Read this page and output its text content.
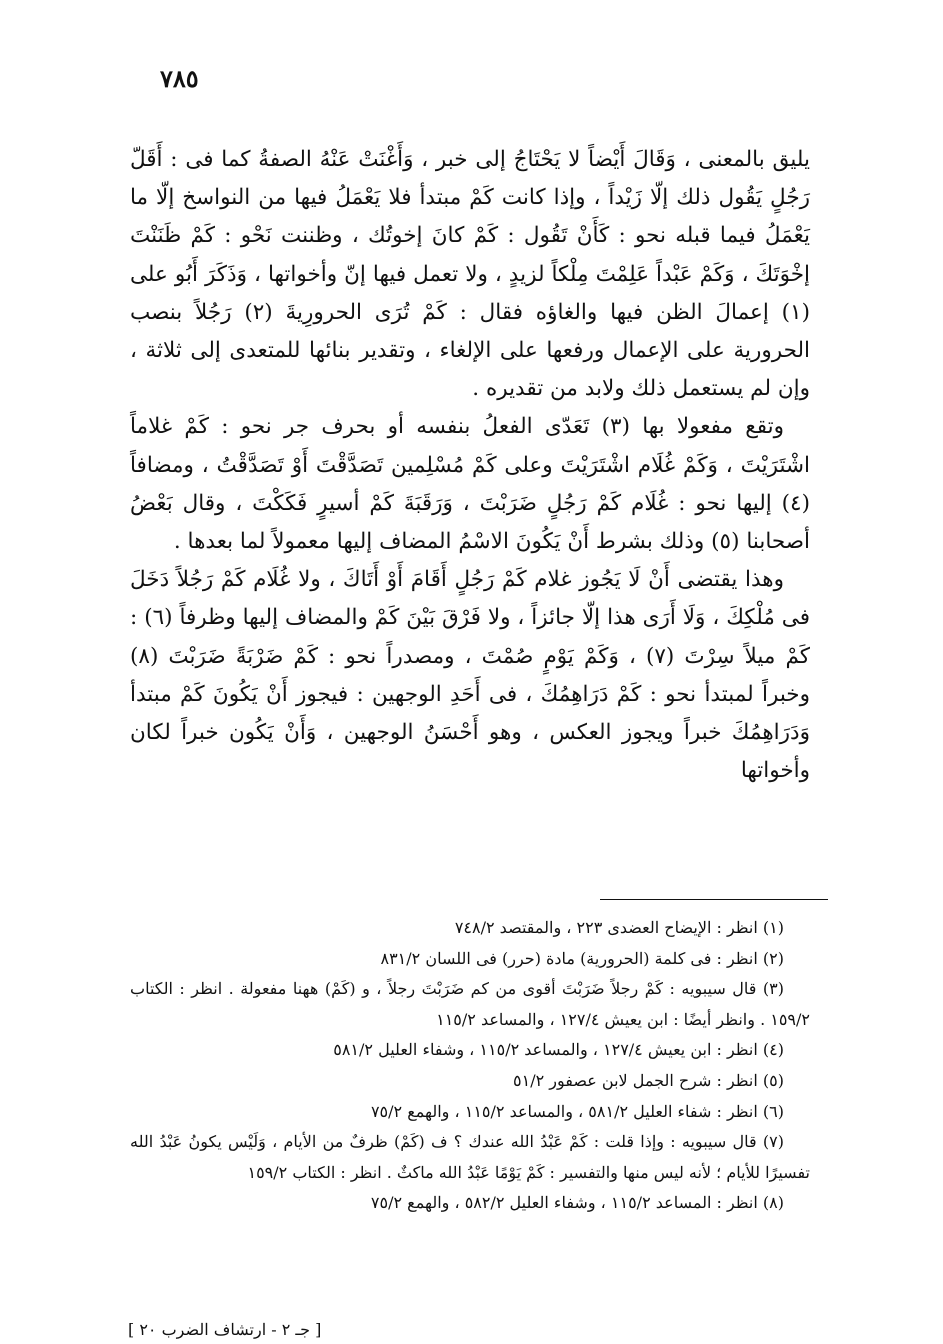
٧٨٥

يليق بالمعنى ، وَقَالَ أَيْضاً لا يَحْتَاجُ إلى خبر ، وَأَغْنَتْ عَنْهُ الصفةُ كما فى : أَقَلّ رَجُلٍ يَقُول ذلك إلّا زَيْداً ، وإذا كانت كَمْ مبتدأ فلا يَعْمَلُ فيها من النواسخ إلّا ما يَعْمَلُ فيما قبله نحو : كَأَنْ تَقُول : كَمْ كانَ إخوتُك ، وظننت نَحْو : كَمْ ظَنَنْتَ إخْوَتَكَ ، وَكَمْ عَبْداً عَلِمْتَ مِلْكاً لزيدٍ ، ولا تعمل فيها إنّ وأخواتها ، وَذَكَرَ أَبُو على (١) إعمالَ الظن فيها والغاؤه فقال : كَمْ تُرَى الحرورِيةَ (٢) رَجُلاً بنصب الحرورية على الإعمال ورفعها على الإلغاء ، وتقدير بنائها للمتعدى إلى ثلاثة ، وإن لم يستعمل ذلك ولابد من تقديره .

وتقع مفعولا بها (٣) تَعَدّى الفعلُ بنفسه أو بحرف جر نحو : كَمْ غلاماً اشْتَرَيْتَ ، وَكَمْ غُلَام اشْتَرَيْتَ وعلى كَمْ مُسْلِمين تَصَدَّقْتَ أَوْ تَصَدَّقْتُ ، ومضافاً (٤) إليها نحو : غُلَام كَمْ رَجُلٍ ضَرَبْتَ ، وَرَقَبَةَ كَمْ أسيرٍ فَكَكْتَ ، وقال بَعْضُ أصحابنا (٥) وذلك بشرط أَنْ يَكُونَ الاسْمُ المضاف إليها معمولاً لما بعدها .

وهذا يقتضى أَنْ لَا يَجُوز غلام كَمْ رَجُلٍ أَقَامَ أَوْ أَتَاكَ ، ولا غُلَام كَمْ رَجُلاً دَخَلَ فى مُلْكِكَ ، وَلَا أَرَى هذا إلّا جائزاً ، ولا فَرْقَ بَيْنَ كَمْ والمضاف إليها وظرفاً (٦) : كَمْ ميلاً سِرْتَ (٧) ، وَكَمْ يَوْمٍ صُمْتَ ، ومصدراً نحو : كَمْ ضَرْبَةً ضَرَبْتَ (٨) وخبراً لمبتدأ نحو : كَمْ دَرَاهِمُكَ ، فى أَحَدِ الوجهين : فيجوز أَنْ يَكُونَ كَمْ مبتدأ وَدَرَاهِمُكَ خبراً ويجوز العكس ، وهو أَحْسَنُ الوجهين ، وَأَنْ يَكُون خبراً لكان وأخواتها

(١) انظر : الإيضاح العضدى ٢٢٣ ، والمقتصد ٧٤٨/٢

(٢) انظر : فى كلمة (الحرورية) مادة (حرر) فى اللسان ٨٣١/٢

(٣) قال سيبويه : كَمْ رجلاً ضَرَبْتَ أقوى من كم ضَرَبْتَ رجلاً ، و (كَمْ) ههنا مفعولة . انظر : الكتاب ١٥٩/٢ . وانظر أيضًا : ابن يعيش ١٢٧/٤ ، والمساعد ١١٥/٢

(٤) انظر : ابن يعيش ١٢٧/٤ ، والمساعد ١١٥/٢ ، وشفاء العليل ٥٨١/٢

(٥) انظر : شرح الجمل لابن عصفور ٥١/٢

(٦) انظر : شفاء العليل ٥٨١/٢ ، والمساعد ١١٥/٢ ، والهمع ٧٥/٢

(٧) قال سيبويه : وإذا قلت : كَمْ عَبْدُ الله عندك ؟ ف (كَمْ) ظرفٌ من الأيام ، وَلَيْس يكونُ عَبْدُ الله تفسيرًا للأيام ؛ لأنه ليس منها والتفسير : كَمْ يَوْمًا عَبْدُ الله ماكثٌ . انظر : الكتاب ١٥٩/٢

(٨) انظر : المساعد ١١٥/٢ ، وشفاء العليل ٥٨٢/٢ ، والهمع ٧٥/٢

[ جـ ٢ - ارتشاف الضرب ٢٠ ]
